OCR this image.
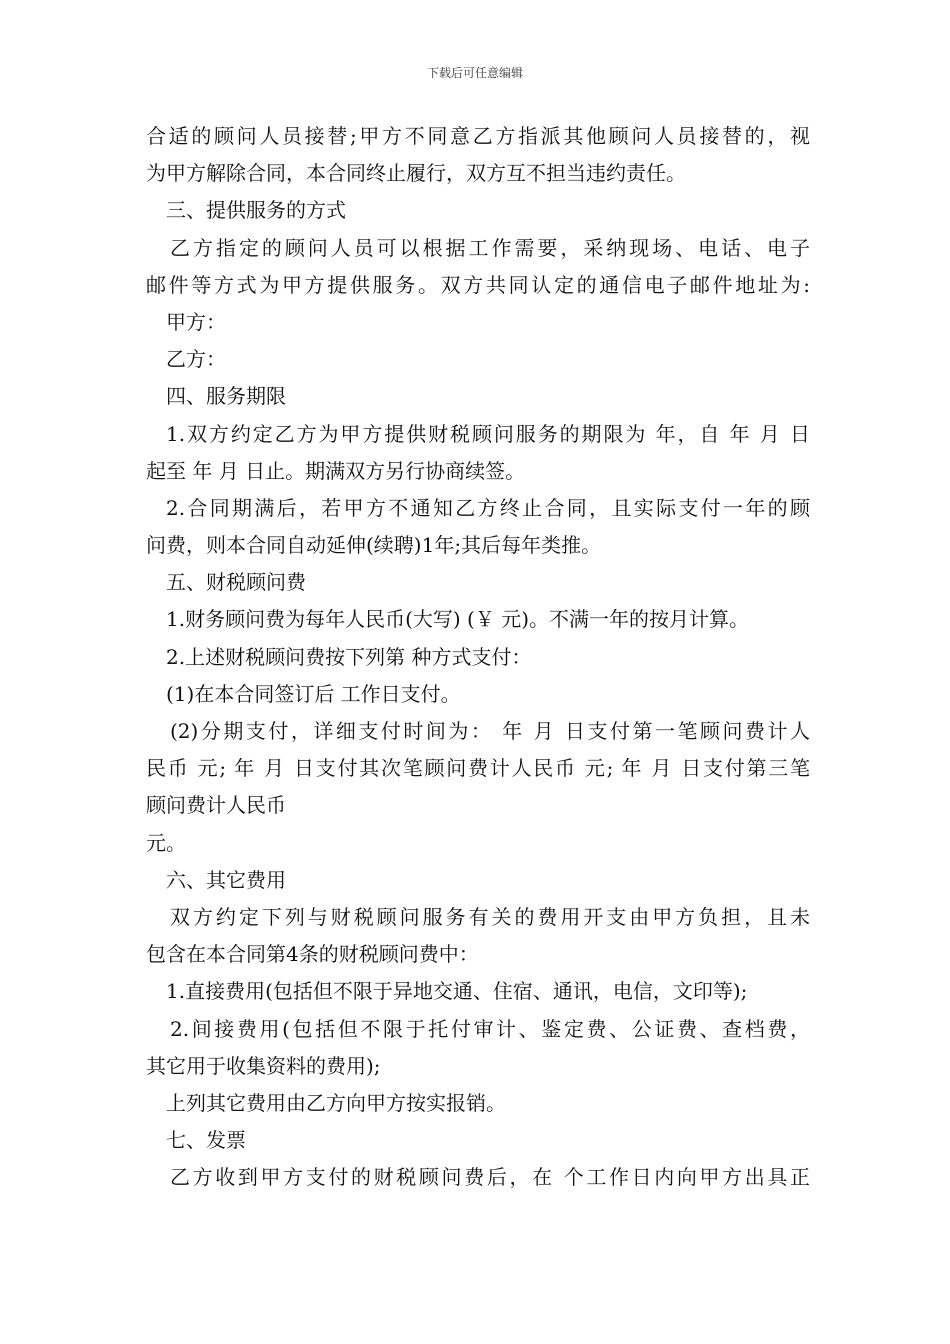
下载后可任意编辑
合适的顾问人员接替;甲方不同意乙方指派其他顾问人员接替的，视
为甲方解除合同，本合同终止履行，双方互不担当违约责任。
三、提供服务的方式
乙方指定的顾问人员可以根据工作需要，采纳现场、电话、电子
邮件等方式为甲方提供服务。双方共同认定的通信电子邮件地址为:
甲方：
乙方：
四、服务期限
1.双方约定乙方为甲方提供财税顾问服务的期限为 年，自 年 月 日
起至 年 月 日止。期满双方另行协商续签。
2.合同期满后，若甲方不通知乙方终止合同，且实际支付一年的顾
问费，则本合同自动延伸(续聘)1年;其后每年类推。
五、财税顾问费
1.财务顾问费为每年人民币(大写) (￥ 元)。不满一年的按月计算。
2.上述财税顾问费按下列第 种方式支付：
(1)在本合同签订后 工作日支付。
(2)分期支付，详细支付时间为： 年 月 日支付第一笔顾问费计人
民币 元; 年 月 日支付其次笔顾问费计人民币 元; 年 月 日支付第三笔
顾问费计人民币
元。
六、其它费用
双方约定下列与财税顾问服务有关的费用开支由甲方负担，且未
包含在本合同第4条的财税顾问费中：
1.直接费用(包括但不限于异地交通、住宿、通讯，电信，文印等);
2.间接费用(包括但不限于托付审计、鉴定费、公证费、查档费，
其它用于收集资料的费用);
上列其它费用由乙方向甲方按实报销。
七、发票
乙方收到甲方支付的财税顾问费后，在 个工作日内向甲方出具正
